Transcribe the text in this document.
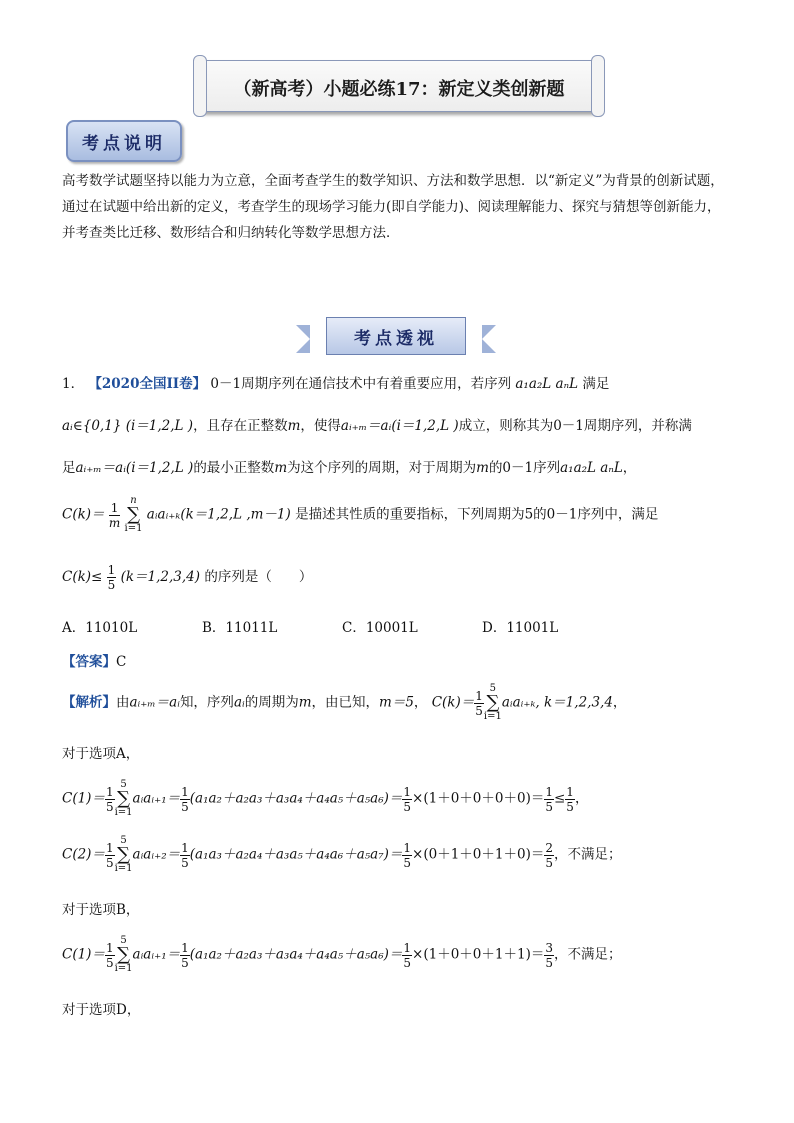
（新高考）小题必练17：新定义类创新题
考点说明
高考数学试题坚持以能力为立意，全面考查学生的数学知识、方法和数学思想．以“新定义”为背景的创新试题，通过在试题中给出新的定义，考查学生的现场学习能力(即自学能力)、阅读理解能力、探究与猜想等创新能力，并考查类比迁移、数形结合和归纳转化等数学思想方法．
考点透视
1． 【2020全国II卷】 0－1周期序列在通信技术中有着重要应用，若序列 a₁a₂L aₙL 满足
aᵢ∈{0,1} (i＝1,2,L )，且存在正整数m，使得aᵢ₊ₘ＝aᵢ(i＝1,2,L )成立，则称其为0－1周期序列，并称满
足aᵢ₊ₘ＝aᵢ(i＝1,2,L )的最小正整数m为这个序列的周期，对于周期为m的0－1序列a₁a₂L aₙL，
$C(k)= \frac{1}{m}$ n
∑
i=1 aᵢaᵢ₊ₖ(k＝1,2,L ,m－1) 是描述其性质的重要指标，下列周期为5的0－1序列中，满足
$C(k)\le \frac{1}{5} (k=1,2,3,4)$ 的序列是（　　）
A．11010L	B．11011L	C．10001L	D．11001L
【答案】C
【解析】由aᵢ₊ₘ＝aᵢ知，序列aᵢ的周期为m，由已知，m＝5， $C(k)= \frac{1}{5} 5$
∑
i=1aᵢaᵢ₊ₖ, k＝1,2,3,4，
对于选项A，
$C(1)= \frac{1}{5} 5$
∑
i=1aᵢaᵢ₊₁＝ $\frac{1}{5} (a_1a_2+a_2a_3+a_3a_4+a_4a_5+a_5a_6)= \frac{1}{5} \times(1+0+0+0+0)= \frac{1}{5} \le \frac{1}{5}$ ，
$C(2)= \frac{1}{5} 5$
∑
i=1aᵢaᵢ₊₂＝ $\frac{1}{5} (a_1a_3+a_2a_4+a_3a_5+a_4a_6+a_5a_7)= \frac{1}{5} \times(0+1+0+1+0)= \frac{2}{5}$ ，不满足；
对于选项B，
$C(1)= \frac{1}{5} 5$
∑
i=1aᵢaᵢ₊₁＝ $\frac{1}{5} (a_1a_2+a_2a_3+a_3a_4+a_4a_5+a_5a_6)= \frac{1}{5} \times(1+0+0+1+1)= \frac{3}{5}$ ，不满足；
对于选项D，
